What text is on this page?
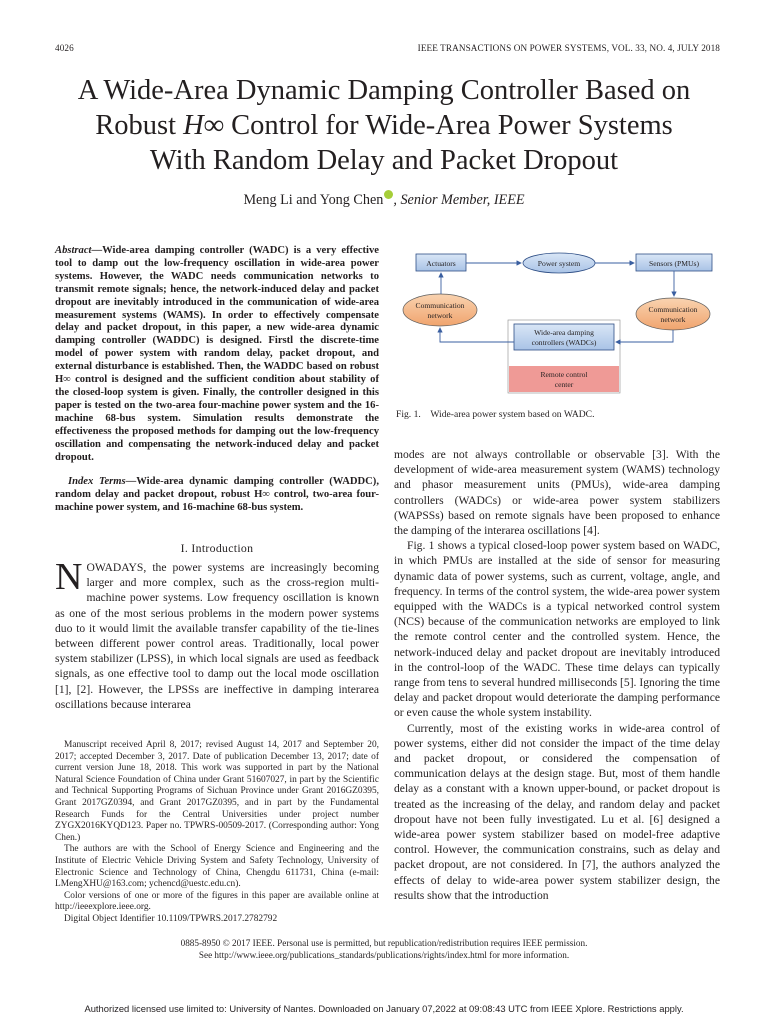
4026	IEEE TRANSACTIONS ON POWER SYSTEMS, VOL. 33, NO. 4, JULY 2018
A Wide-Area Dynamic Damping Controller Based on
Robust H∞ Control for Wide-Area Power Systems
With Random Delay and Packet Dropout
Meng Li and Yong Chen , Senior Member, IEEE

Abstract—Wide-area damping controller (WADC) is a very effective tool to damp out the low-frequency oscillation in wide-area power systems. However, the WADC needs communication networks to transmit remote signals; hence, the network-induced delay and packet dropout are inevitably introduced in the communication of wide-area measurement systems (WAMS). In order to effectively compensate delay and packet dropout, in this paper, a new wide-area dynamic damping controller (WADDC) is designed. Firstl the discrete-time model of power system with random delay, packet dropout, and external disturbance is established. Then, the WADDC based on robust H∞ control is designed and the sufficient condition about stability of the closed-loop system is given. Finally, the controller designed in this paper is tested on the two-area four-machine power system and the 16-machine 68-bus system. Simulation results demonstrate the effectiveness the proposed methods for damping out the low-frequency oscillation and compensating the network-induced delay and packet dropout.

Index Terms—Wide-area dynamic damping controller (WADDC), random delay and packet dropout, robust H∞ control, two-area four-machine power system, and 16-machine 68-bus system.

I. Introduction

NOWADAYS, the power systems are increasingly becoming larger and more complex, such as the cross-region multi-machine power systems. Low frequency oscillation is known as one of the most serious problems in the modern power systems duo to it would limit the available transfer capability of the tie-lines between different power control areas. Traditionally, local power system stabilizer (LPSS), in which local signals are used as feedback signals, as one effective tool to damp out the local mode oscillation [1], [2]. However, the LPSSs are ineffective in damping interarea oscillations because interarea

Manuscript received April 8, 2017; revised August 14, 2017 and September 20, 2017; accepted December 3, 2017. Date of publication December 13, 2017; date of current version June 18, 2018. This work was supported in part by the National Natural Science Foundation of China under Grant 51607027, in part by the Scientific and Technical Supporting Programs of Sichuan Province under Grant 2016GZ0395, Grant 2017GZ0394, and Grant 2017GZ0395, and in part by the Fundamental Research Funds for the Central Universities under project number ZYGX2016KYQD123. Paper no. TPWRS-00509-2017. (Corresponding author: Yong Chen.)

The authors are with the School of Energy Science and Engineering and the Institute of Electric Vehicle Driving System and Safety Technology, University of Electronic Science and Technology of China, Chengdu 611731, China (e-mail: LMengXHU@163.com; ychencd@uestc.edu.cn).

Color versions of one or more of the figures in this paper are available online at http://ieeexplore.ieee.org.

Digital Object Identifier 10.1109/TPWRS.2017.2782792

Actuators	Power system	Sensors (PMUs)
Communication
network
Communication
network
Wide-area damping
controllers (WADCs)
Remote control
center
Fig. 1. Wide-area power system based on WADC.

modes are not always controllable or observable [3]. With the development of wide-area measurement system (WAMS) technology and phasor measurement units (PMUs), wide-area damping controllers (WADCs) or wide-area power system stabilizers (WAPSSs) based on remote signals have been proposed to enhance the damping of the interarea oscillations [4].

Fig. 1 shows a typical closed-loop power system based on WADC, in which PMUs are installed at the side of sensor for measuring dynamic data of power systems, such as current, voltage, angle, and frequency. In terms of the control system, the wide-area power system equipped with the WADCs is a typical networked control system (NCS) because of the communication networks are employed to link the remote control center and the controlled system. Hence, the network-induced delay and packet dropout are inevitably introduced in the control-loop of the WADC. These time delays can typically range from tens to several hundred milliseconds [5]. Ignoring the time delay and packet dropout would deteriorate the damping performance or even cause the whole system instability.

Currently, most of the existing works in wide-area control of power systems, either did not consider the impact of the time delay and packet dropout, or considered the compensation of communication delays at the design stage. But, most of them handle delay as a constant with a known upper-bound, or packet dropout is treated as the increasing of the delay, and random delay and packet dropout have not been fully investigated. Lu et al. [6] designed a wide-area power system stabilizer based on model-free adaptive control. However, the communication constrains, such as delay and packet dropout, are not considered. In [7], the authors analyzed the effects of delay to wide-area power system stabilizer design, the results show that the introduction

0885-8950 © 2017 IEEE. Personal use is permitted, but republication/redistribution requires IEEE permission.
See http://www.ieee.org/publications_standards/publications/rights/index.html for more information.
Authorized licensed use limited to: University of Nantes. Downloaded on January 07,2022 at 09:08:43 UTC from IEEE Xplore. Restrictions apply.
